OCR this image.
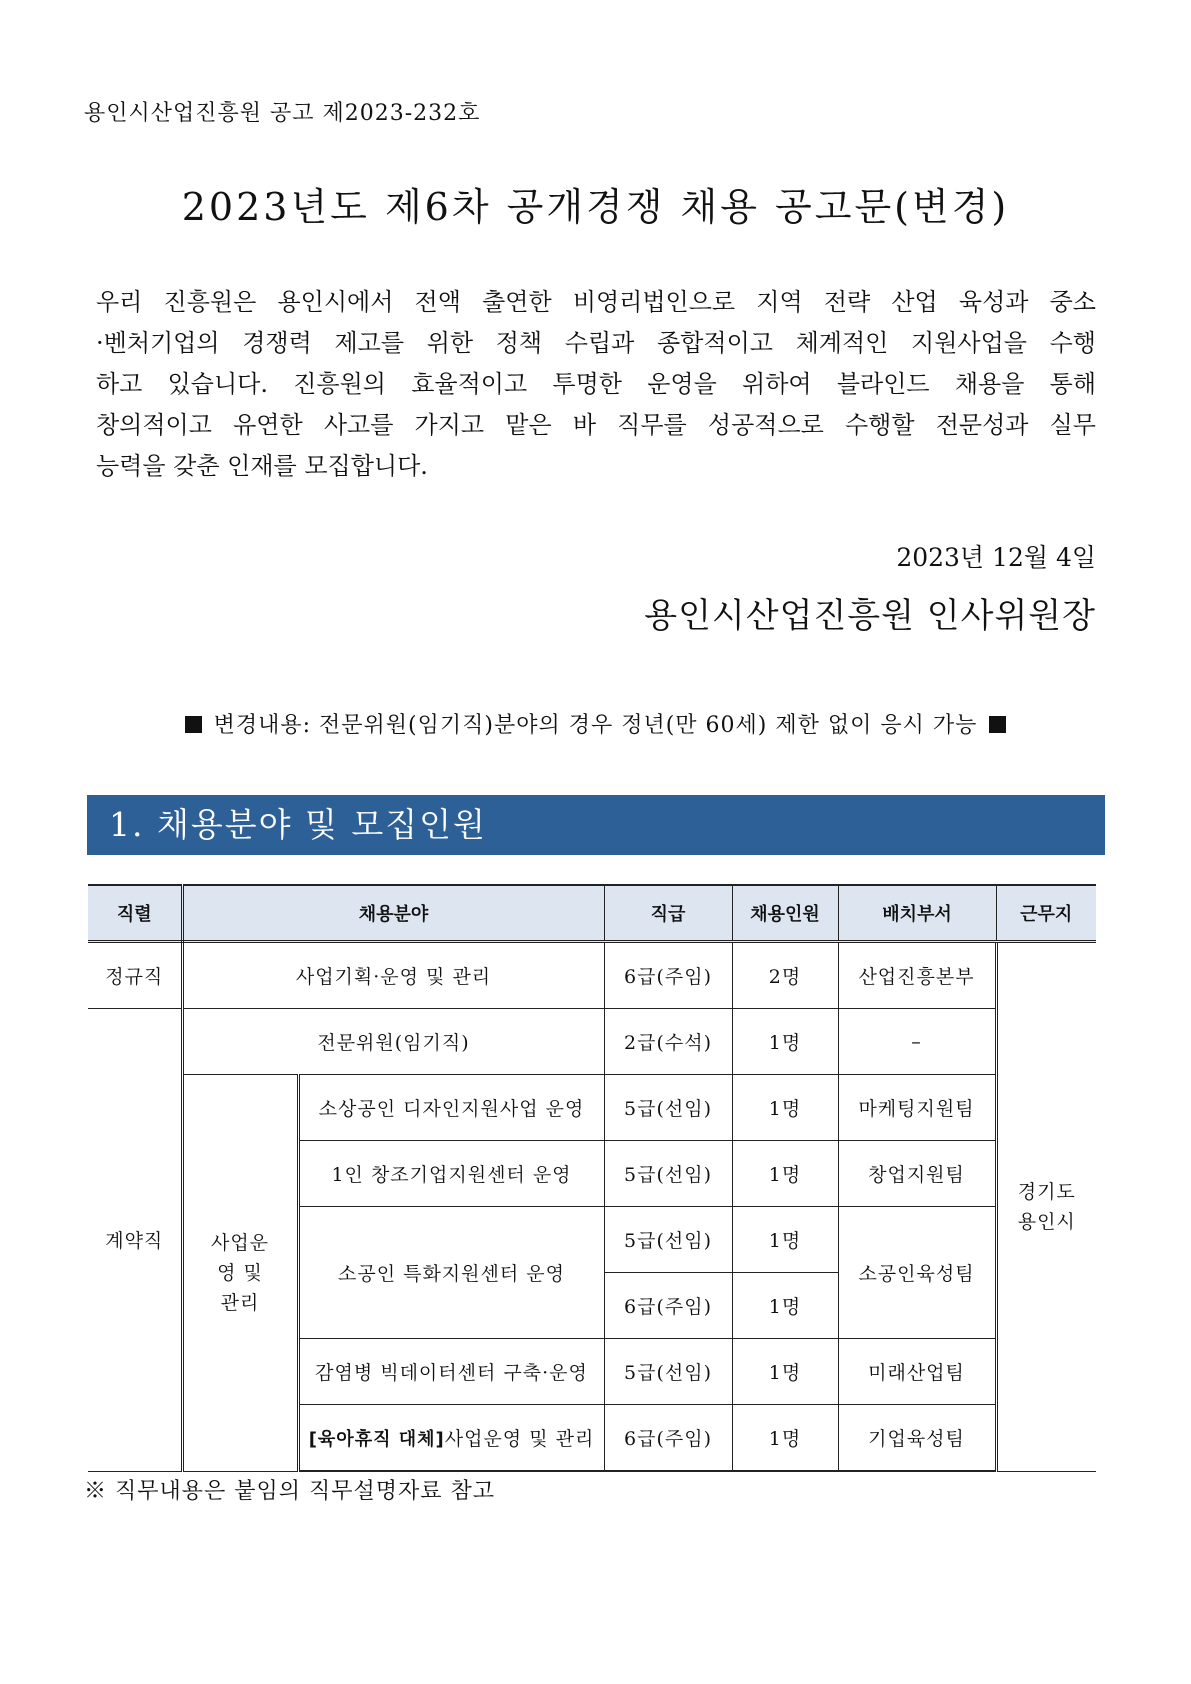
용인시산업진흥원 공고 제2023-232호
2023년도 제6차 공개경쟁 채용 공고문(변경)
우리 진흥원은 용인시에서 전액 출연한 비영리법인으로 지역 전략 산업 육성과 중소
·벤처기업의 경쟁력 제고를 위한 정책 수립과 종합적이고 체계적인 지원사업을 수행
하고 있습니다. 진흥원의 효율적이고 투명한 운영을 위하여 블라인드 채용을 통해
창의적이고 유연한 사고를 가지고 맡은 바 직무를 성공적으로 수행할 전문성과 실무
능력을 갖춘 인재를 모집합니다.
2023년 12월 4일
용인시산업진흥원 인사위원장
변경내용: 전문위원(임기직)분야의 경우 정년(만 60세) 제한 없이 응시 가능
1. 채용분야 및 모집인원
직렬	채용분야		직급	채용인원	배치부서	근무지
정규직	사업기획·운영 및 관리		6급(주임)	2명	산업진흥본부	경기도 용인시
계약직	전문위원(임기직)		2급(수석)	1명	–	
	사업운영 및 관리	소상공인 디자인지원사업 운영	5급(선임)	1명	마케팅지원팀	
		1인 창조기업지원센터 운영	5급(선임)	1명	창업지원팀	
		소공인 특화지원센터 운영	5급(선임)	1명	소공인육성팀	
			6급(주임)	1명		
		감염병 빅데이터센터 구축·운영	5급(선임)	1명	미래산업팀	
		[육아휴직 대체]사업운영 및 관리	6급(주임)	1명	기업육성팀	
※ 직무내용은 붙임의 직무설명자료 참고
